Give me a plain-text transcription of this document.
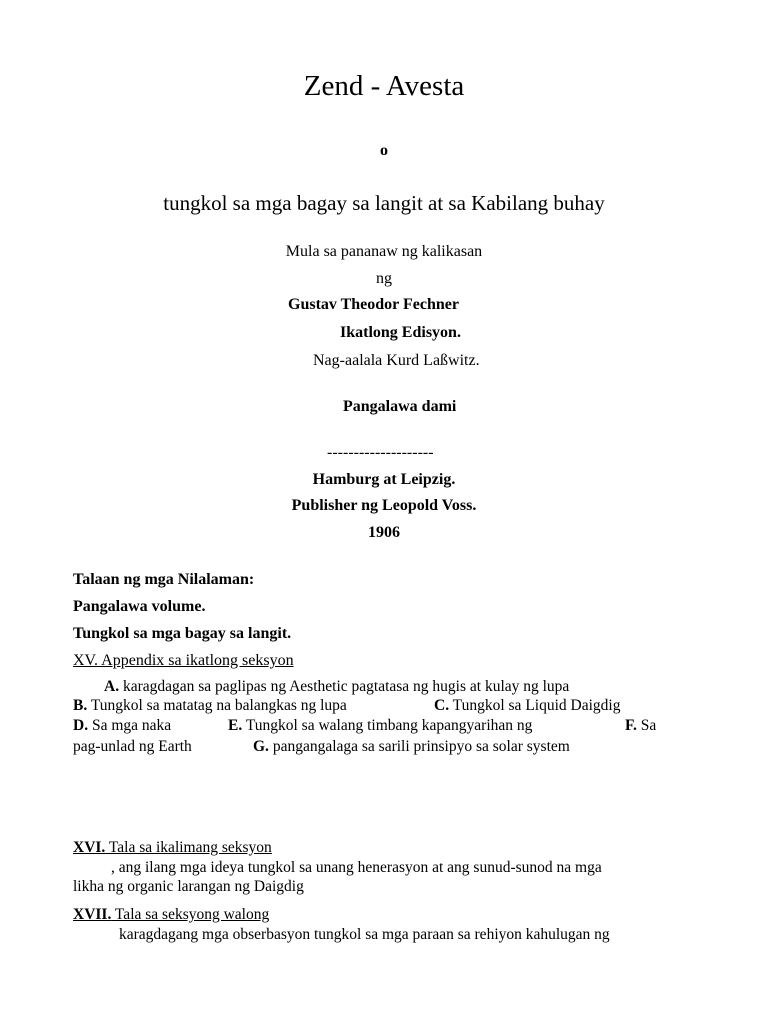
Zend - Avesta
o
tungkol sa mga bagay sa langit at sa Kabilang buhay
Mula sa pananaw ng kalikasan
ng
Gustav Theodor Fechner
Ikatlong Edisyon.
Nag-aalala Kurd Laßwitz.
Pangalawa dami
--------------------
Hamburg at Leipzig.
Publisher ng Leopold Voss.
1906
Talaan ng mga Nilalaman:
Pangalawa volume.
Tungkol sa mga bagay sa langit.
XV. Appendix sa ikatlong seksyon
A. karagdagan sa paglipas ng Aesthetic pagtatasa ng hugis at kulay ng lupa
B. Tungkol sa matatag na balangkas ng lupa	C. Tungkol sa Liquid Daigdig
D. Sa mga naka	E. Tungkol sa walang timbang kapangyarihan ng	F. Sa
pag-unlad ng Earth	G. pangangalaga sa sarili prinsipyo sa solar system
XVI. Tala sa ikalimang seksyon
, ang ilang mga ideya tungkol sa unang henerasyon at ang sunud-sunod na mga
likha ng organic larangan ng Daigdig
XVII. Tala sa seksyong walong
karagdagang mga obserbasyon tungkol sa mga paraan sa rehiyon kahulugan ng
